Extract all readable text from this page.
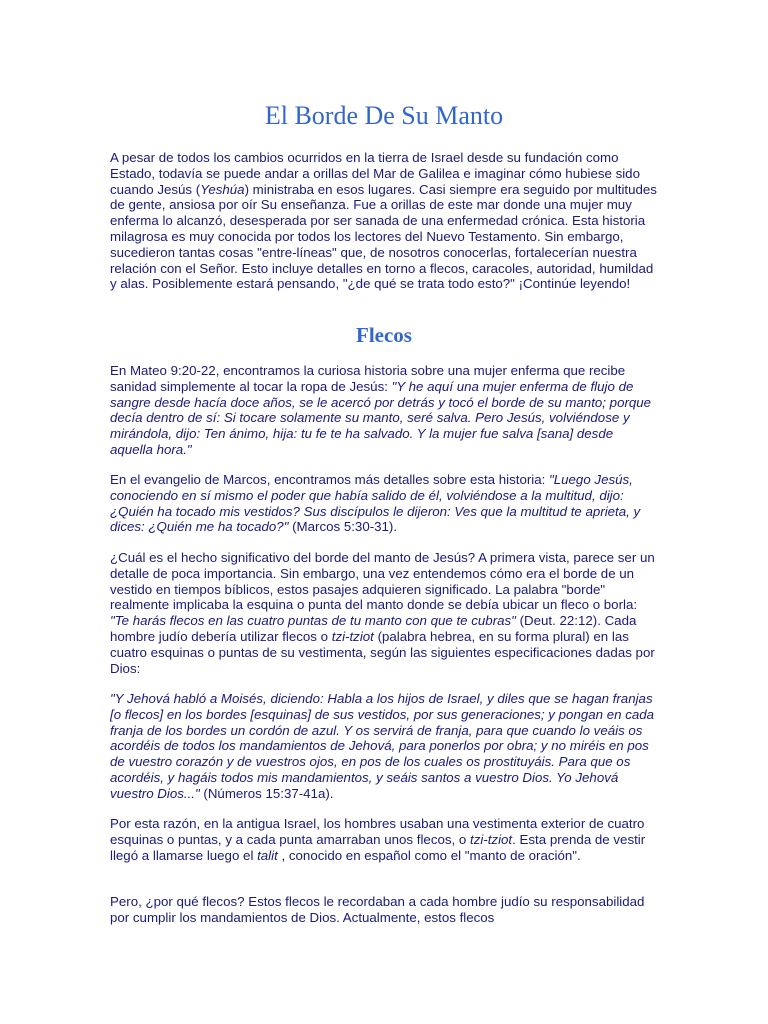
El Borde De Su Manto

A pesar de todos los cambios ocurridos en la tierra de Israel desde su fundación como Estado, todavía se puede andar a orillas del Mar de Galilea e imaginar cómo hubiese sido cuando Jesús (Yeshúa) ministraba en esos lugares. Casi siempre era seguido por multitudes de gente, ansiosa por oír Su enseñanza. Fue a orillas de este mar donde una mujer muy enferma lo alcanzó, desesperada por ser sanada de una enfermedad crónica. Esta historia milagrosa es muy conocida por todos los lectores del Nuevo Testamento. Sin embargo, sucedieron tantas cosas "entre-líneas" que, de nosotros conocerlas, fortalecerían nuestra relación con el Señor. Esto incluye detalles en torno a flecos, caracoles, autoridad, humildad y alas. Posiblemente estará pensando, "¿de qué se trata todo esto?" ¡Continúe leyendo!

Flecos

En Mateo 9:20-22, encontramos la curiosa historia sobre una mujer enferma que recibe sanidad simplemente al tocar la ropa de Jesús: "Y he aquí una mujer enferma de flujo de sangre desde hacía doce años, se le acercó por detrás y tocó el borde de su manto; porque decía dentro de sí: Si tocare solamente su manto, seré salva. Pero Jesús, volviéndose y mirándola, dijo: Ten ánimo, hija: tu fe te ha salvado. Y la mujer fue salva [sana] desde aquella hora."

En el evangelio de Marcos, encontramos más detalles sobre esta historia: "Luego Jesús, conociendo en sí mismo el poder que había salido de él, volviéndose a la multitud, dijo: ¿Quién ha tocado mis vestidos? Sus discípulos le dijeron: Ves que la multitud te aprieta, y dices: ¿Quién me ha tocado?" (Marcos 5:30-31).

¿Cuál es el hecho significativo del borde del manto de Jesús? A primera vista, parece ser un detalle de poca importancia. Sin embargo, una vez entendemos cómo era el borde de un vestido en tiempos bíblicos, estos pasajes adquieren significado. La palabra "borde" realmente implicaba la esquina o punta del manto donde se debía ubicar un fleco o borla: "Te harás flecos en las cuatro puntas de tu manto con que te cubras" (Deut. 22:12). Cada hombre judío debería utilizar flecos o tzi-tziot (palabra hebrea, en su forma plural) en las cuatro esquinas o puntas de su vestimenta, según las siguientes especificaciones dadas por Dios:

"Y Jehová habló a Moisés, diciendo: Habla a los hijos de Israel, y diles que se hagan franjas [o flecos] en los bordes [esquinas] de sus vestidos, por sus generaciones; y pongan en cada franja de los bordes un cordón de azul. Y os servirá de franja, para que cuando lo veáis os acordéis de todos los mandamientos de Jehová, para ponerlos por obra; y no miréis en pos de vuestro corazón y de vuestros ojos, en pos de los cuales os prostituyáis. Para que os acordéis, y hagáis todos mis mandamientos, y seáis santos a vuestro Dios. Yo Jehová vuestro Dios..." (Números 15:37-41a).

Por esta razón, en la antigua Israel, los hombres usaban una vestimenta exterior de cuatro esquinas o puntas, y a cada punta amarraban unos flecos, o tzi-tziot. Esta prenda de vestir llegó a llamarse luego el talit , conocido en español como el "manto de oración".

Pero, ¿por qué flecos? Estos flecos le recordaban a cada hombre judío su responsabilidad por cumplir los mandamientos de Dios. Actualmente, estos flecos
